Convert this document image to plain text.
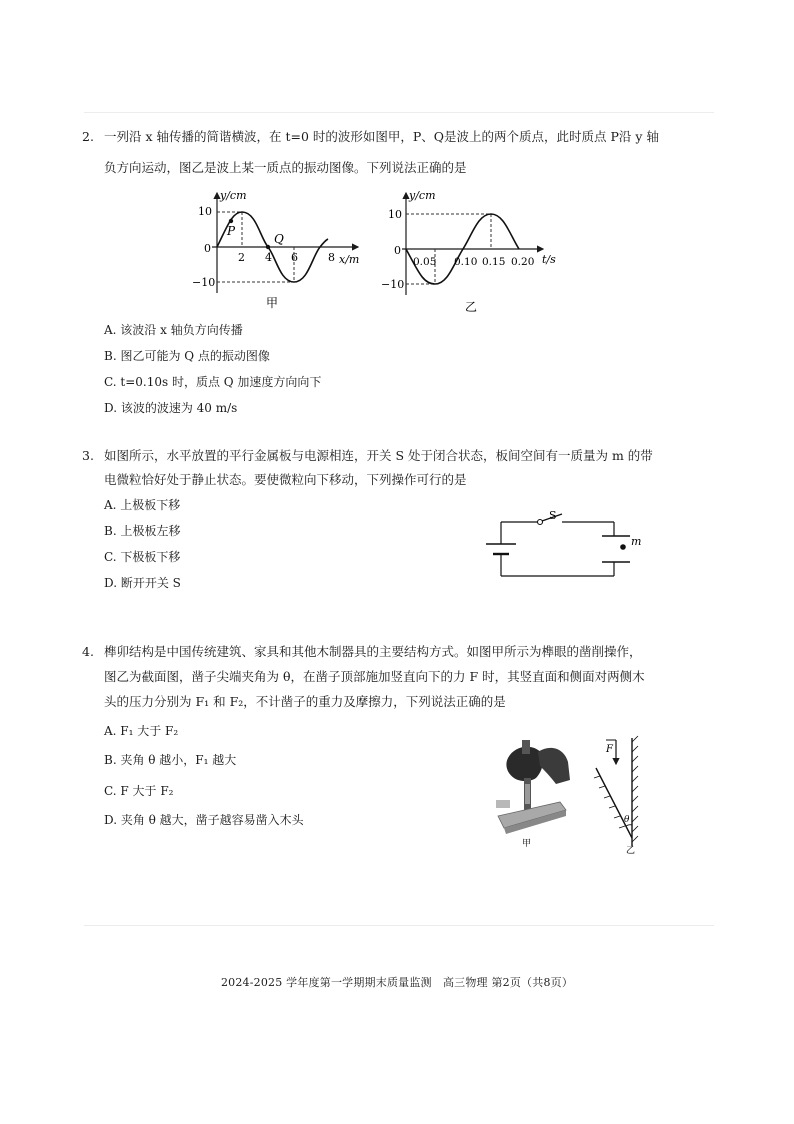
2. 一列沿 x 轴传播的简谐横波，在 t=0 时的波形如图甲，P、Q是波上的两个质点，此时质点 P沿 y 轴
负方向运动，图乙是波上某一质点的振动图像。下列说法正确的是
y/cm
10
−10
0
2 4 6	8 x/m
P
Q
甲
y/cm
10
−10
0
0.05 0.10 0.15 0.20 t/s
乙
A. 该波沿 x 轴负方向传播
B. 图乙可能为 Q 点的振动图像
C. t=0.10s 时，质点 Q 加速度方向向下
D. 该波的波速为 40 m/s
3. 如图所示，水平放置的平行金属板与电源相连，开关 S 处于闭合状态，板间空间有一质量为 m 的带
电微粒恰好处于静止状态。要使微粒向下移动，下列操作可行的是
A. 上极板下移
B. 上极板左移
C. 下极板下移
D. 断开开关 S
S
m
4. 榫卯结构是中国传统建筑、家具和其他木制器具的主要结构方式。如图甲所示为榫眼的凿削操作，
图乙为截面图，凿子尖端夹角为 θ，在凿子顶部施加竖直向下的力 F 时，其竖直面和侧面对两侧木
头的压力分别为 F₁ 和 F₂，不计凿子的重力及摩擦力，下列说法正确的是
A. F₁ 大于 F₂
B. 夹角 θ 越小，F₁ 越大
C. F 大于 F₂
D. 夹角 θ 越大，凿子越容易凿入木头
甲
F
θ
乙
2024-2025 学年度第一学期期末质量监测　高三物理 第2页（共8页）
